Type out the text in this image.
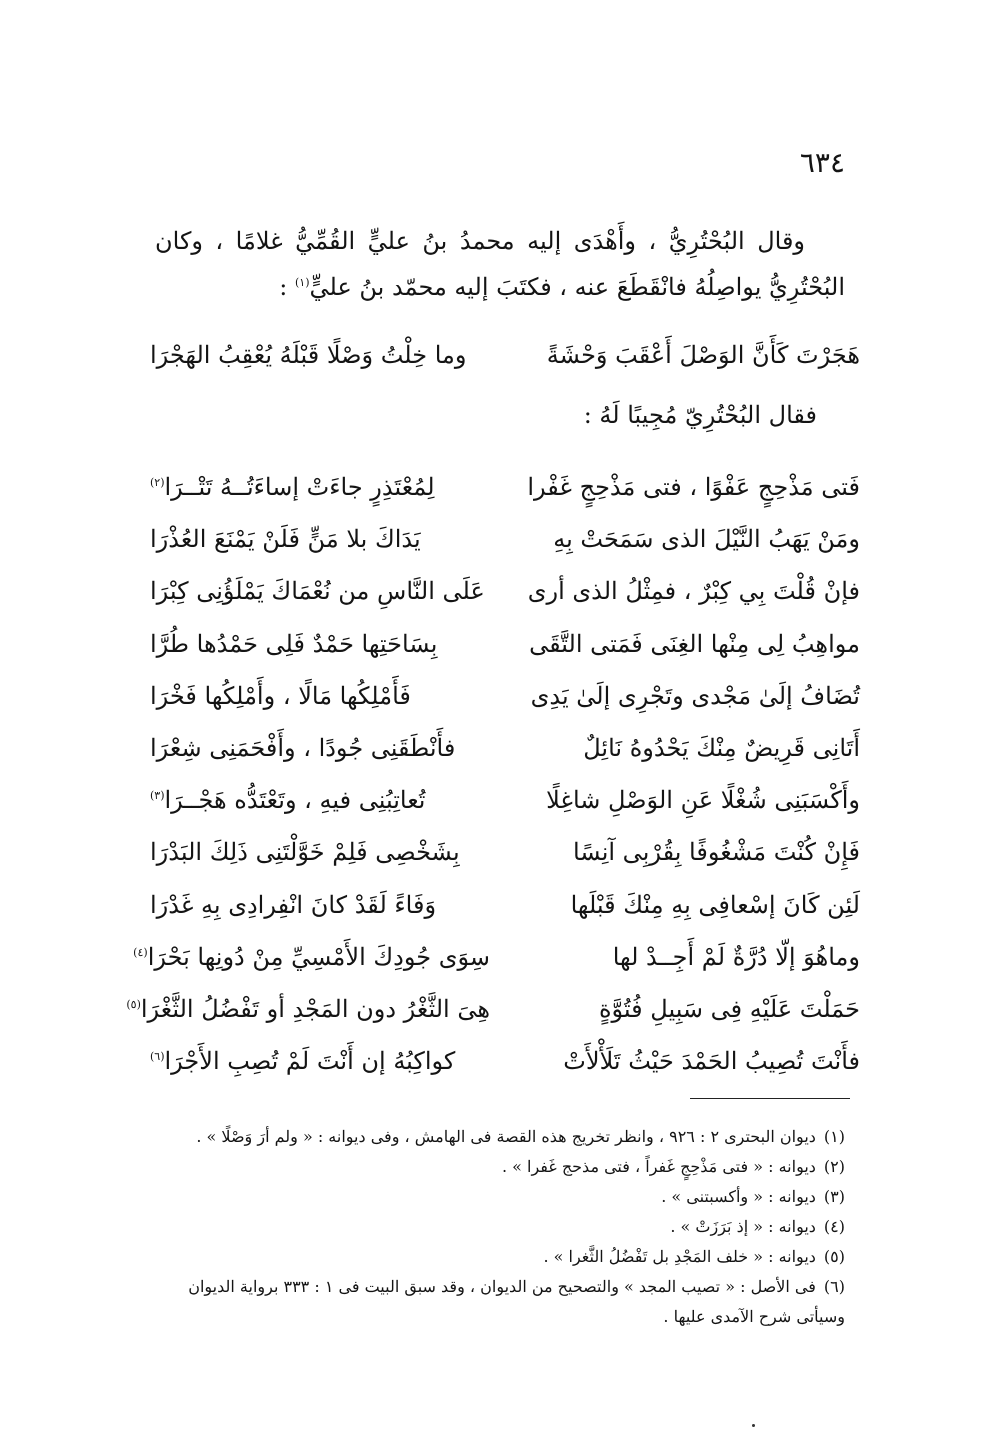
٦٣٤
وقال البُحْتُرِيُّ ، وأَهْدَى إليه محمدُ بنُ عليٍّ القُمِّيُّ غلامًا ، وكان البُحْتُرِيُّ يواصِلُهُ فانْقَطَعَ عنه ، فكتَبَ إليه محمّد بنُ عليٍّ$^{(١)}$ :
هَجَرْتَ كَأَنَّ الوَصْلَ أَعْقَبَ وَحْشَةً
وما خِلْتُ وَصْلًا قَبْلَهُ يُعْقِبُ الهَجْرَا
فقال البُحْتُرِيّ مُجِيبًا لَهُ :
فَتى مَذْحِجٍ عَفْوًا ، فتى مَذْحِجٍ غَفْرا
لِمُعْتَذِرٍ جاءَتْ إساءَتُــهُ تَتْــرَا$^{(٢)}$
ومَنْ يَهَبُ النَّيْلَ الذى سَمَحَتْ بِهِ
يَدَاكَ بلا مَنٍّ فَلَنْ يَمْنَعَ العُذْرَا
فإنْ قُلْتَ بِي كِبْرٌ ، فمِثْلُ الذى أرى
عَلَى النَّاسِ من نُعْمَاكَ يَمْلَؤُنِى كِبْرَا
مواهِبُ لِى مِنْها الغِنَى فَمَتى التَّقَى
بِسَاحَتِها حَمْدٌ فَلِى حَمْدُها طُرَّا
تُضَافُ إلَىٰ مَجْدى وتَجْرِى إلَىٰ يَدِى
فَأَمْلِكُها مَالًا ، وأَمْلِكُها فَخْرَا
أَتَانِى قَرِيضٌ مِنْكَ يَحْدُوهُ نَائِلٌ
فأَنْطَقَنِى جُودًا ، وأَفْحَمَنِى شِعْرَا
وأَكْسَبَنِى شُغْلًا عَنِ الوَصْلِ شاغِلًا
تُعاتِبُنِى فيهِ ، وتَعْتَدُّه هَجْــرَا$^{(٣)}$
فَإِنْ كُنْتَ مَشْغُوفًا بِقُرْبِى آنِسًا
بِشَخْصِى فَلِمْ خَوَّلْتَنِى ذَلِكَ البَدْرَا
لَئِن كَانَ إسْعافِى بِهِ مِنْكَ قَبْلَها
وَفَاءً لَقَدْ كانَ انْفِرادِى بِهِ غَدْرَا
وماهُوَ إلّا دُرَّةٌ لَمْ أَجِــدْ لها
سِوَى جُودِكَ الأَمْسِيِّ مِنْ دُونِها بَحْرَا$^{(٤)}$
حَمَلْتَ عَلَيْهِ فِى سَبِيلِ فُتُوَّةٍ
هِىَ الثَّغْرُ دون المَجْدِ أو تَفْضُلُ الثَّغْرَا$^{(٥)}$
فأَنْتَ تُصِيبُ الحَمْدَ حَيْثُ تَلَأْلأَتْ
كواكِبُهُ إن أَنْتَ لَمْ تُصِبِ الأَجْرَا$^{(٦)}$
(١)ديوان البحترى ٢ : ٩٢٦ ، وانظر تخريج هذه القصة فى الهامش ، وفى ديوانه : « ولم أرَ وَصْلًا » .
(٢)ديوانه : « فتى مَذْحِجٍ غَفراً ، فتى مذحج غَفرا » .
(٣)ديوانه : « وأكسبتنى » .
(٤)ديوانه : « إذ بَرَزَتْ » .
(٥)ديوانه : « خلف المَجْدِ بل تَفْضُلُ الثَّغرا » .
(٦)فى الأصل : « تصيب المجد » والتصحيح من الديوان ، وقد سبق البيت فى ١ : ٣٣٣ برواية الديوان وسيأتى شرح الآمدى عليها .
